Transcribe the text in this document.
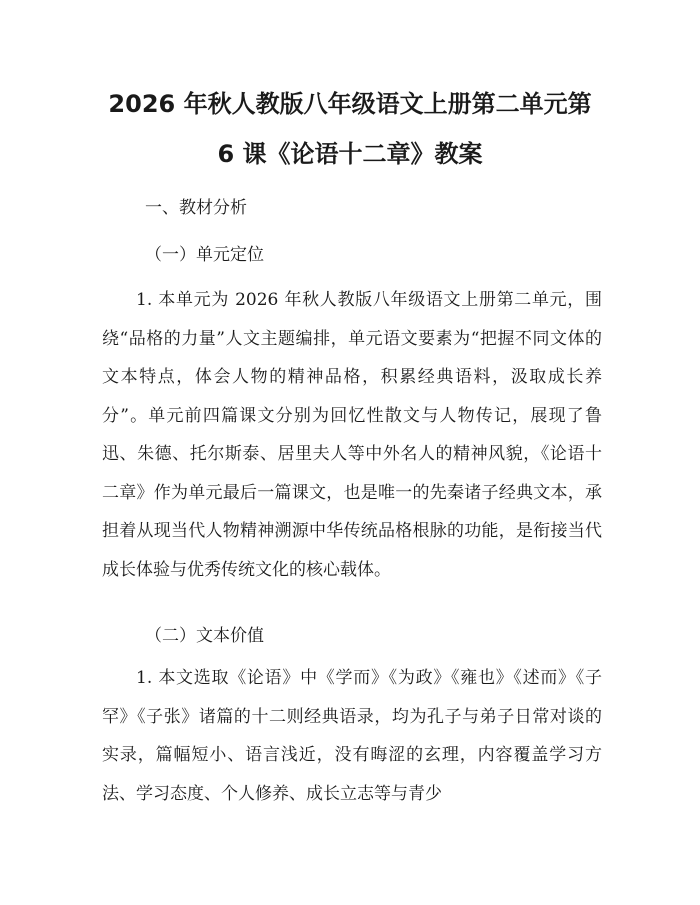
2026 年秋人教版八年级语文上册第二单元第
6 课《论语十二章》教案
一、教材分析
（一）单元定位

1. 本单元为 2026 年秋人教版八年级语文上册第二单元，围绕“品格的力量”人文主题编排，单元语文要素为“把握不同文体的文本特点，体会人物的精神品格，积累经典语料，汲取成长养分”。单元前四篇课文分别为回忆性散文与人物传记，展现了鲁迅、朱德、托尔斯泰、居里夫人等中外名人的精神风貌，《论语十二章》作为单元最后一篇课文，也是唯一的先秦诸子经典文本，承担着从现当代人物精神溯源中华传统品格根脉的功能，是衔接当代成长体验与优秀传统文化的核心载体。

（二）文本价值

1. 本文选取《论语》中《学而》《为政》《雍也》《述而》《子罕》《子张》诸篇的十二则经典语录，均为孔子与弟子日常对谈的实录，篇幅短小、语言浅近，没有晦涩的玄理，内容覆盖学习方法、学习态度、个人修养、成长立志等与青少
